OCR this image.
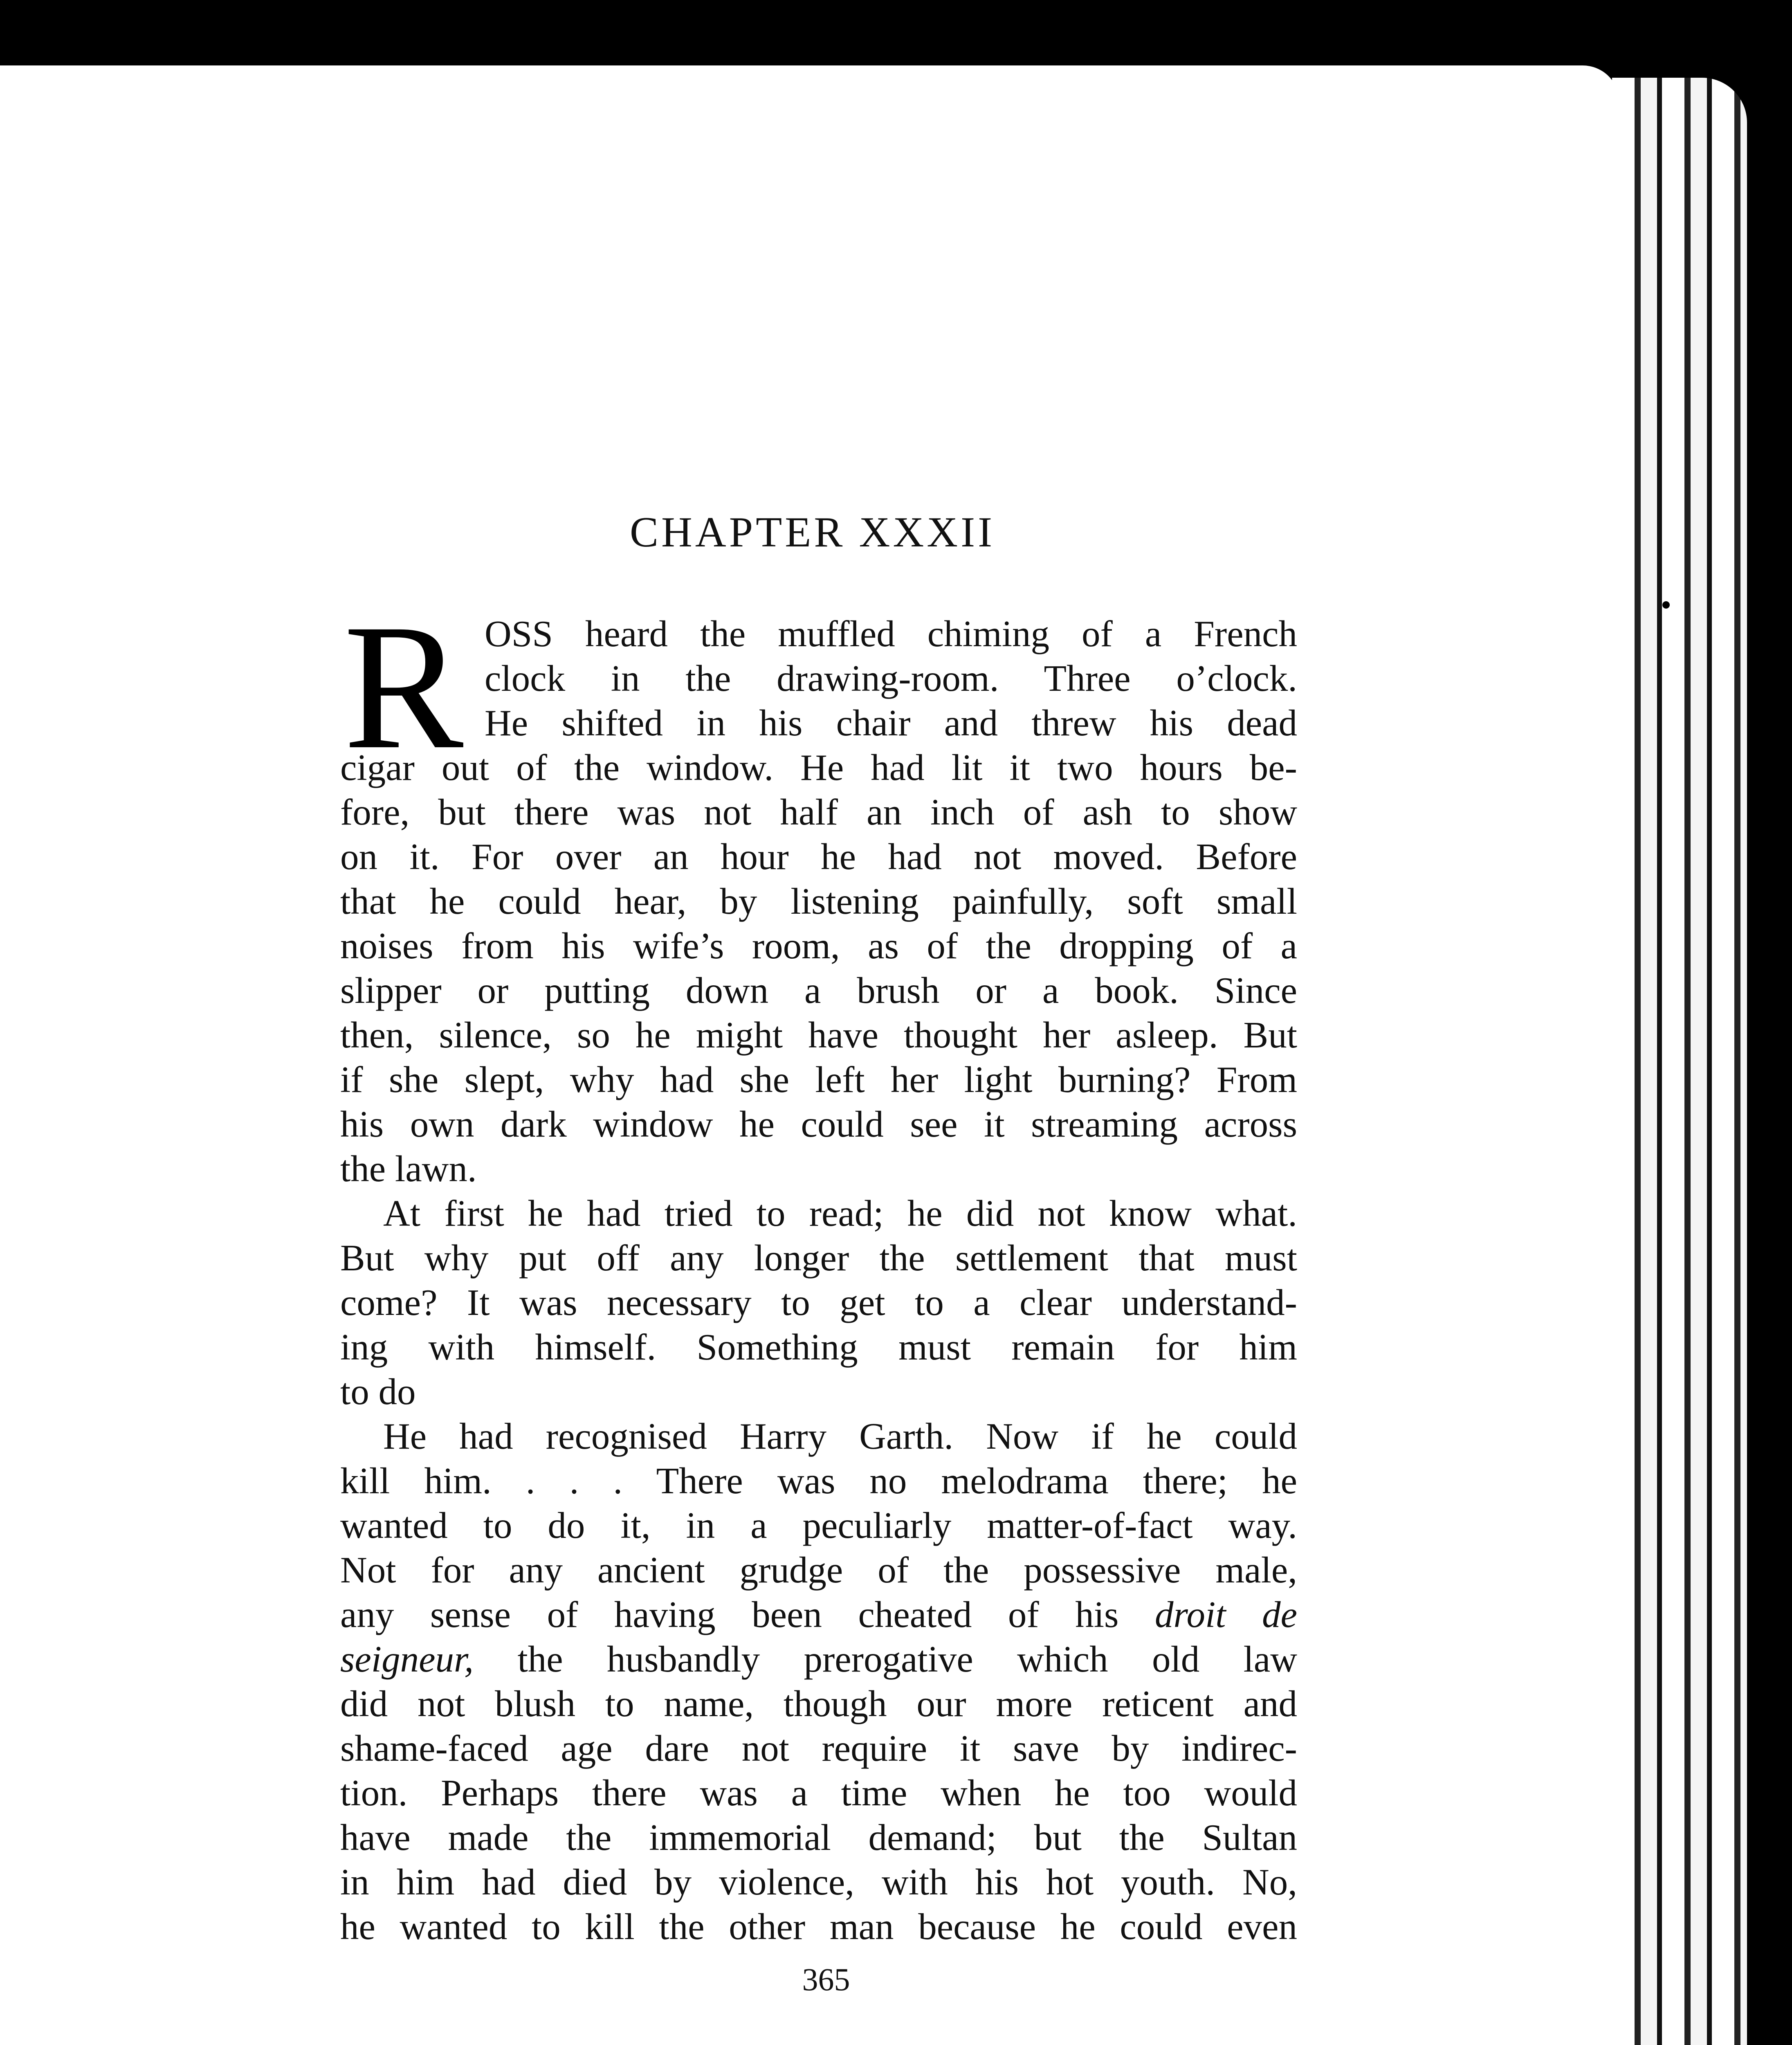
CHAPTER XXXII
R OSS heard the muffled chiming of a French
clock in the drawing-room. Three o’clock.
He shifted in his chair and threw his dead
cigar out of the window. He had lit it two hours be-
fore, but there was not half an inch of ash to show
on it. For over an hour he had not moved. Before
that he could hear, by listening painfully, soft small
noises from his wife’s room, as of the dropping of a
slipper or putting down a brush or a book. Since
then, silence, so he might have thought her asleep. But
if she slept, why had she left her light burning? From
his own dark window he could see it streaming across
the lawn.
At first he had tried to read; he did not know what.
But why put off any longer the settlement that must
come? It was necessary to get to a clear understand-
ing with himself. Something must remain for him
to do
He had recognised Harry Garth. Now if he could
kill him. . . . There was no melodrama there; he
wanted to do it, in a peculiarly matter-of-fact way.
Not for any ancient grudge of the possessive male,
any sense of having been cheated of his droit de
seigneur, the husbandly prerogative which old law
did not blush to name, though our more reticent and
shame-faced age dare not require it save by indirec-
tion. Perhaps there was a time when he too would
have made the immemorial demand; but the Sultan
in him had died by violence, with his hot youth. No,
he wanted to kill the other man because he could even
365
